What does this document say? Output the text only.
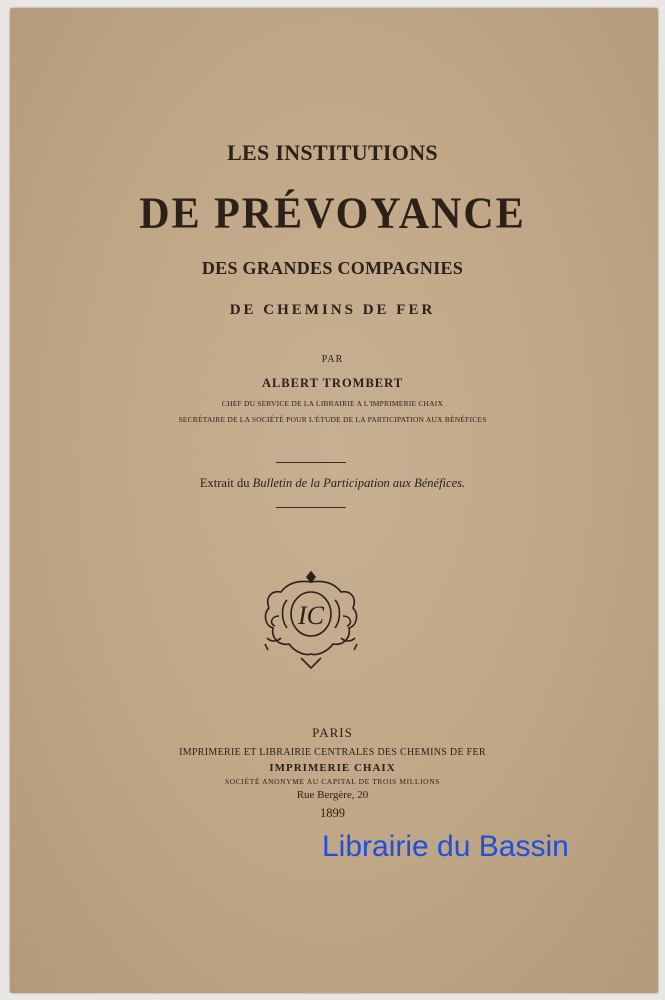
LES INSTITUTIONS
DE PRÉVOYANCE
DES GRANDES COMPAGNIES
DE CHEMINS DE FER
PAR
ALBERT TROMBERT
CHEF DU SERVICE DE LA LIBRAIRIE A L'IMPRIMERIE CHAIX
SECRÉTAIRE DE LA SOCIÉTÉ POUR L'ÉTUDE DE LA PARTICIPATION AUX BÉNÉFICES
Extrait du Bulletin de la Participation aux Bénéfices.
IC
PARIS
IMPRIMERIE ET LIBRAIRIE CENTRALES DES CHEMINS DE FER
IMPRIMERIE CHAIX
SOCIÉTÉ ANONYME AU CAPITAL DE TROIS MILLIONS
Rue Bergère, 20
1899
Librairie du Bassin
